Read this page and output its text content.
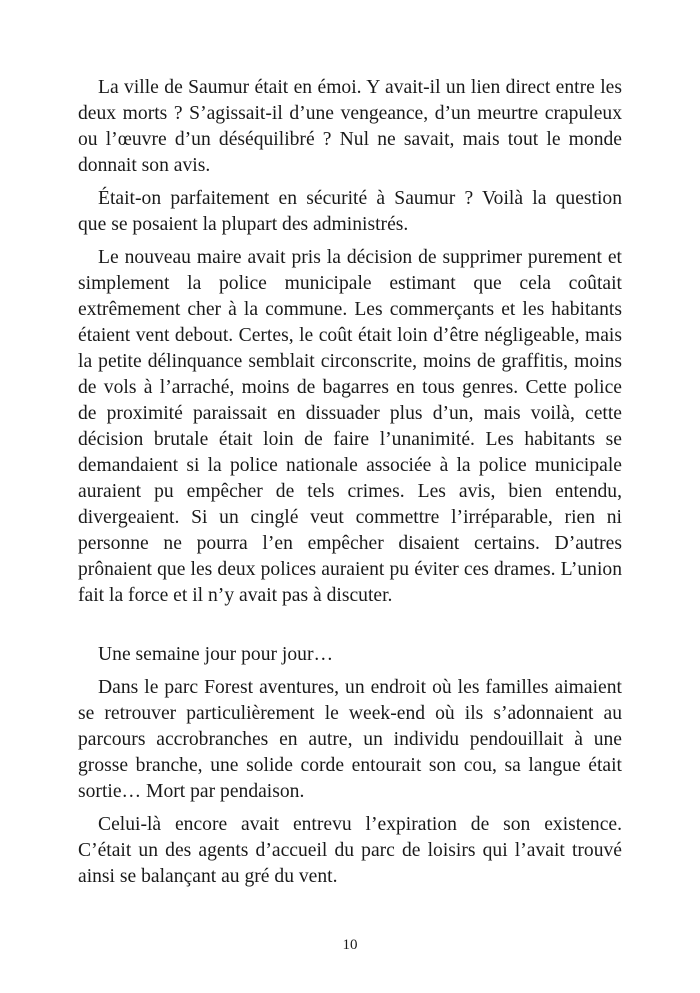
La ville de Saumur était en émoi. Y avait-il un lien direct entre les
deux morts ? S’agissait-il d’une vengeance, d’un meurtre crapuleux
ou l’œuvre d’un déséquilibré ? Nul ne savait, mais tout le monde
donnait son avis.
Était-on parfaitement en sécurité à Saumur ? Voilà la question
que se posaient la plupart des administrés.
Le nouveau maire avait pris la décision de supprimer purement et
simplement la police municipale estimant que cela coûtait
extrêmement cher à la commune. Les commerçants et les habitants
étaient vent debout. Certes, le coût était loin d’être négligeable, mais
la petite délinquance semblait circonscrite, moins de graffitis, moins
de vols à l’arraché, moins de bagarres en tous genres. Cette police
de proximité paraissait en dissuader plus d’un, mais voilà, cette
décision brutale était loin de faire l’unanimité. Les habitants se
demandaient si la police nationale associée à la police municipale
auraient pu empêcher de tels crimes. Les avis, bien entendu,
divergeaient. Si un cinglé veut commettre l’irréparable, rien ni
personne ne pourra l’en empêcher disaient certains. D’autres
prônaient que les deux polices auraient pu éviter ces drames. L’union
fait la force et il n’y avait pas à discuter.
Une semaine jour pour jour…
Dans le parc Forest aventures, un endroit où les familles aimaient
se retrouver particulièrement le week-end où ils s’adonnaient au
parcours accrobranches en autre, un individu pendouillait à une
grosse branche, une solide corde entourait son cou, sa langue était
sortie… Mort par pendaison.
Celui-là encore avait entrevu l’expiration de son existence.
C’était un des agents d’accueil du parc de loisirs qui l’avait trouvé
ainsi se balançant au gré du vent.
10
